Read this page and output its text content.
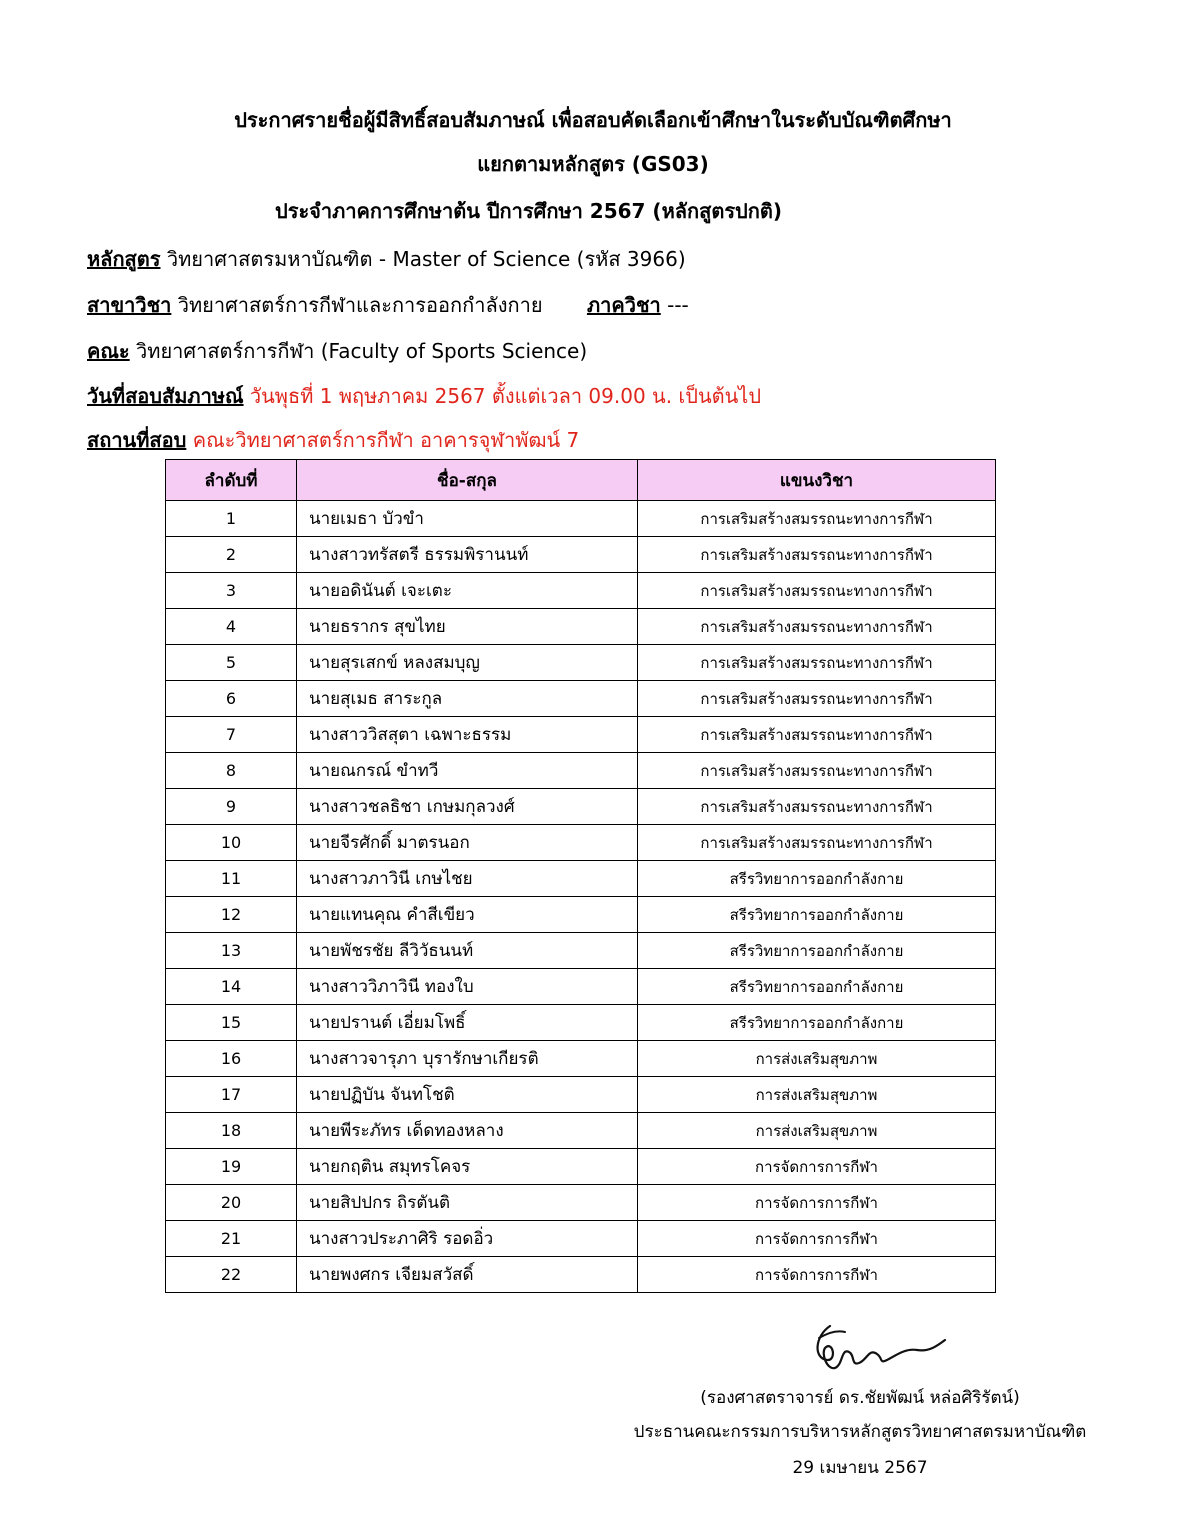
ประกาศรายชื่อผู้มีสิทธิ์สอบสัมภาษณ์ เพื่อสอบคัดเลือกเข้าศึกษาในระดับบัณฑิตศึกษา
แยกตามหลักสูตร (GS03)
ประจำภาคการศึกษาต้น ปีการศึกษา 2567 (หลักสูตรปกติ)
หลักสูตร วิทยาศาสตรมหาบัณฑิต - Master of Science (รหัส 3966)
สาขาวิชา วิทยาศาสตร์การกีฬาและการออกกำลังกาย ภาควิชา ---
คณะ วิทยาศาสตร์การกีฬา (Faculty of Sports Science)
วันที่สอบสัมภาษณ์ วันพุธที่ 1 พฤษภาคม 2567 ตั้งแต่เวลา 09.00 น. เป็นต้นไป
สถานที่สอบ คณะวิทยาศาสตร์การกีฬา อาคารจุฬาพัฒน์ 7
ลำดับที่	ชื่อ-สกุล	แขนงวิชา
1	นายเมธา บัวขำ	การเสริมสร้างสมรรถนะทางการกีฬา
2	นางสาวทรัสตรี ธรรมพิรานนท์	การเสริมสร้างสมรรถนะทางการกีฬา
3	นายอดินันต์ เจะเตะ	การเสริมสร้างสมรรถนะทางการกีฬา
4	นายธรากร สุขไทย	การเสริมสร้างสมรรถนะทางการกีฬา
5	นายสุรเสกข์ หลงสมบุญ	การเสริมสร้างสมรรถนะทางการกีฬา
6	นายสุเมธ สาระกูล	การเสริมสร้างสมรรถนะทางการกีฬา
7	นางสาววิสสุตา เฉพาะธรรม	การเสริมสร้างสมรรถนะทางการกีฬา
8	นายณกรณ์ ขำทวี	การเสริมสร้างสมรรถนะทางการกีฬา
9	นางสาวชลธิชา เกษมกุลวงศ์	การเสริมสร้างสมรรถนะทางการกีฬา
10	นายจีรศักดิ์ มาตรนอก	การเสริมสร้างสมรรถนะทางการกีฬา
11	นางสาวภาวินี เกษไชย	สรีรวิทยาการออกกำลังกาย
12	นายแทนคุณ คำสีเขียว	สรีรวิทยาการออกกำลังกาย
13	นายพัชรชัย ลีวิวัธนนท์	สรีรวิทยาการออกกำลังกาย
14	นางสาววิภาวินี ทองใบ	สรีรวิทยาการออกกำลังกาย
15	นายปรานต์ เอี่ยมโพธิ์	สรีรวิทยาการออกกำลังกาย
16	นางสาวจารุภา บุรารักษาเกียรติ	การส่งเสริมสุขภาพ
17	นายปฏิบัน จันทโชติ	การส่งเสริมสุขภาพ
18	นายพีระภัทร เด็ดทองหลาง	การส่งเสริมสุขภาพ
19	นายกฤติน สมุทรโคจร	การจัดการการกีฬา
20	นายสิปปกร ถิรตันติ	การจัดการการกีฬา
21	นางสาวประภาศิริ รอดอิ่ว	การจัดการการกีฬา
22	นายพงศกร เจียมสวัสดิ์	การจัดการการกีฬา
(รองศาสตราจารย์ ดร.ชัยพัฒน์ หล่อศิริรัตน์)
ประธานคณะกรรมการบริหารหลักสูตรวิทยาศาสตรมหาบัณฑิต
29 เมษายน 2567
